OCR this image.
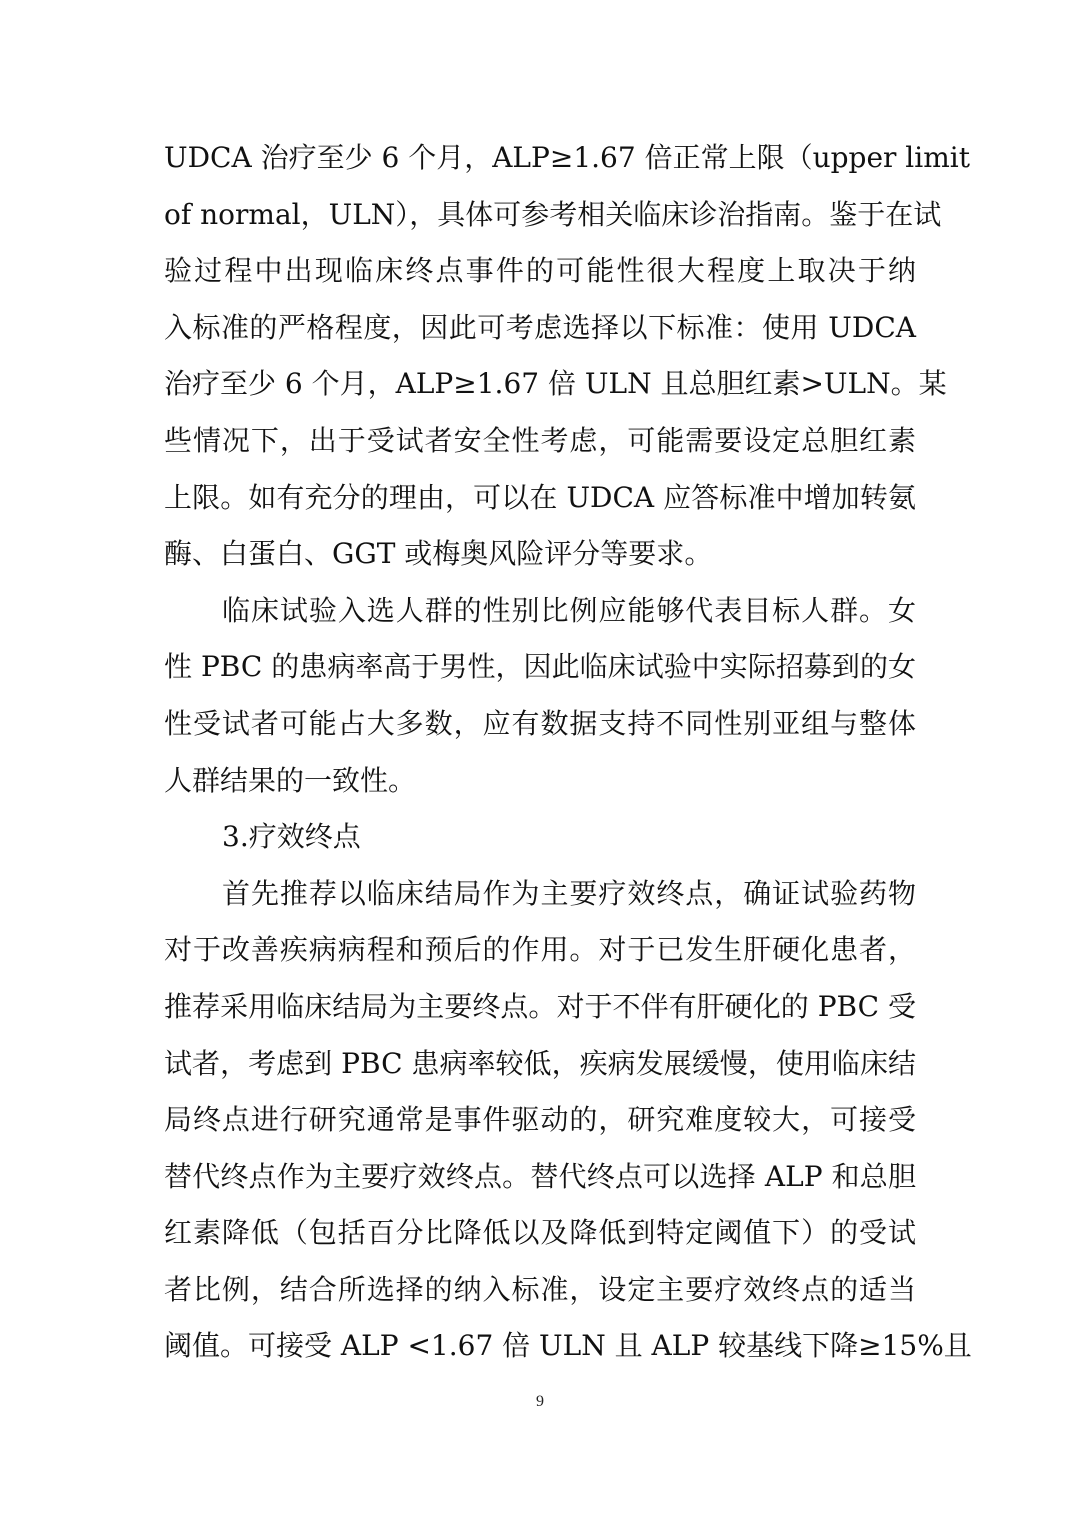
UDCA 治疗至少 6 个月，ALP≥1.67 倍正常上限（upper limit
of normal，ULN），具体可参考相关临床诊治指南。鉴于在试
验过程中出现临床终点事件的可能性很大程度上取决于纳
入标准的严格程度，因此可考虑选择以下标准：使用 UDCA
治疗至少 6 个月，ALP≥1.67 倍 ULN 且总胆红素>ULN。某
些情况下，出于受试者安全性考虑，可能需要设定总胆红素
上限。如有充分的理由，可以在 UDCA 应答标准中增加转氨
酶、白蛋白、GGT 或梅奥风险评分等要求。
临床试验入选人群的性别比例应能够代表目标人群。女
性 PBC 的患病率高于男性，因此临床试验中实际招募到的女
性受试者可能占大多数，应有数据支持不同性别亚组与整体
人群结果的一致性。
3.疗效终点
首先推荐以临床结局作为主要疗效终点，确证试验药物
对于改善疾病病程和预后的作用。对于已发生肝硬化患者，
推荐采用临床结局为主要终点。对于不伴有肝硬化的 PBC 受
试者，考虑到 PBC 患病率较低，疾病发展缓慢，使用临床结
局终点进行研究通常是事件驱动的，研究难度较大，可接受
替代终点作为主要疗效终点。替代终点可以选择 ALP 和总胆
红素降低（包括百分比降低以及降低到特定阈值下）的受试
者比例，结合所选择的纳入标准，设定主要疗效终点的适当
阈值。可接受 ALP <1.67 倍 ULN 且 ALP 较基线下降≥15%且
9
